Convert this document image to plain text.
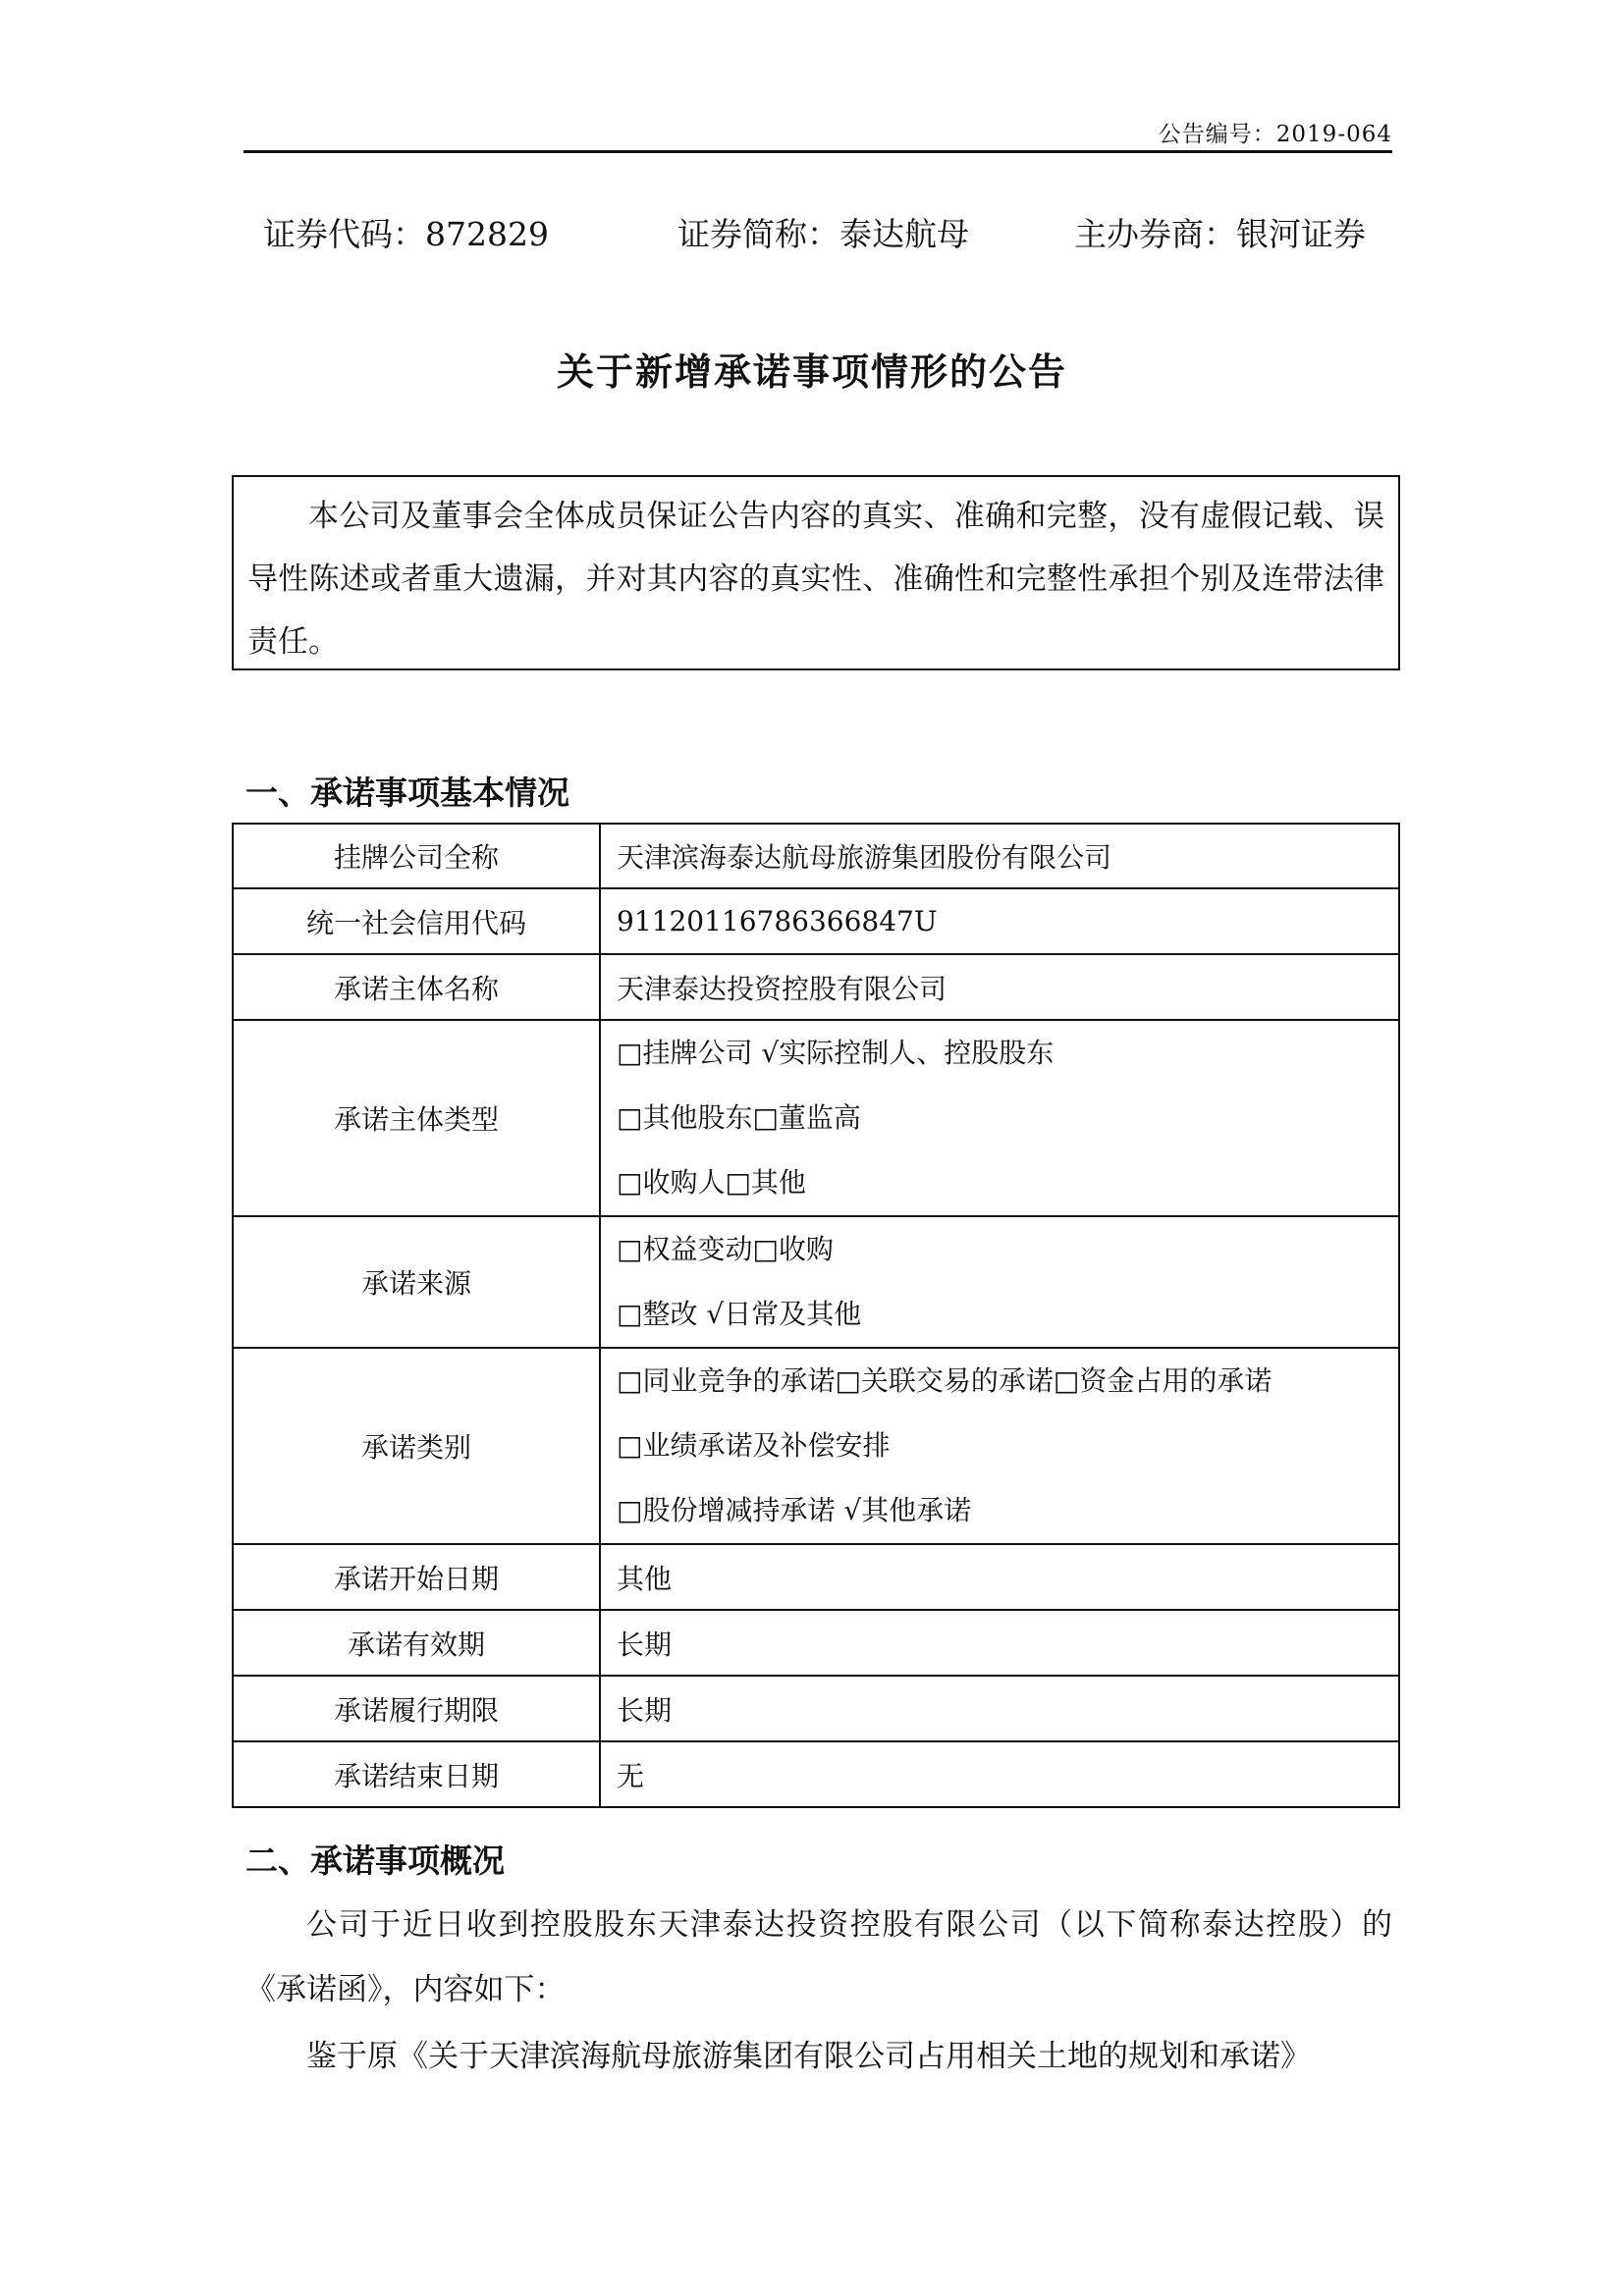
公告编号：2019-064
证券代码：872829	证券简称：泰达航母	主办券商：银河证券
关于新增承诺事项情形的公告

本公司及董事会全体成员保证公告内容的真实、准确和完整，没有虚假记载、误导性陈述或者重大遗漏，并对其内容的真实性、准确性和完整性承担个别及连带法律责任。

一、承诺事项基本情况
挂牌公司全称	天津滨海泰达航母旅游集团股份有限公司
统一社会信用代码	91120116786366847U
承诺主体名称	天津泰达投资控股有限公司
承诺主体类型	□挂牌公司 √实际控制人、控股股东
□其他股东□董监高
□收购人□其他

承诺来源	□权益变动□收购
□整改 √日常及其他

承诺类别	□同业竞争的承诺□关联交易的承诺□资金占用的承诺
□业绩承诺及补偿安排
□股份增减持承诺 √其他承诺

承诺开始日期	其他
承诺有效期	长期
承诺履行期限	长期
承诺结束日期	无
二、承诺事项概况
公司于近日收到控股股东天津泰达投资控股有限公司（以下简称泰达控股）的《承诺函》，内容如下：
鉴于原《关于天津滨海航母旅游集团有限公司占用相关土地的规划和承诺》
